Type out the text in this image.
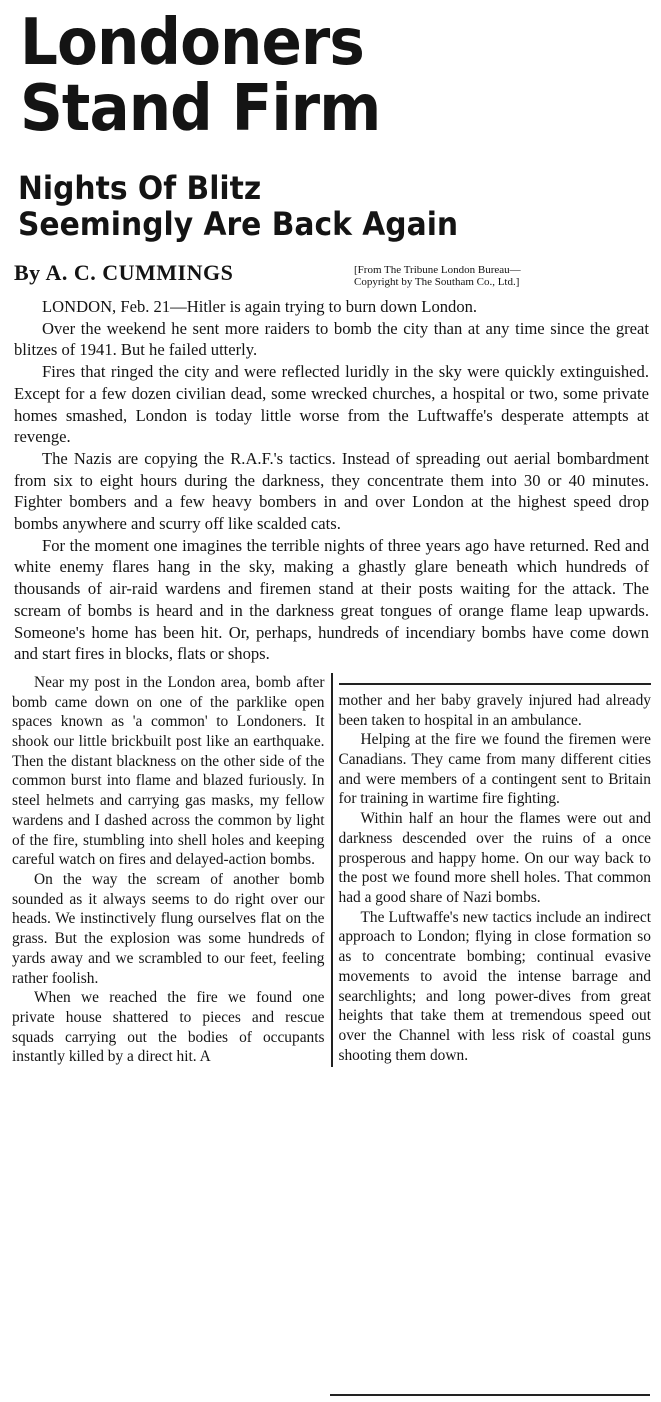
Londoners
Stand Firm
Nights Of Blitz
Seemingly Are Back Again
By A. C. CUMMINGS	[From The Tribune London Bureau—
Copyright by The Southam Co., Ltd.]

LONDON, Feb. 21—Hitler is again trying to burn down London.

Over the weekend he sent more raiders to bomb the city than at any time since the great blitzes of 1941. But he failed utterly.

Fires that ringed the city and were reflected luridly in the sky were quickly extinguished. Except for a few dozen civilian dead, some wrecked churches, a hospital or two, some private homes smashed, London is today little worse from the Luftwaffe's desperate attempts at revenge.

The Nazis are copying the R.A.F.'s tactics. Instead of spreading out aerial bombardment from six to eight hours during the darkness, they concentrate them into 30 or 40 minutes. Fighter bombers and a few heavy bombers in and over London at the highest speed drop bombs anywhere and scurry off like scalded cats.

For the moment one imagines the terrible nights of three years ago have returned. Red and white enemy flares hang in the sky, making a ghastly glare beneath which hundreds of thousands of air-raid wardens and firemen stand at their posts waiting for the attack. The scream of bombs is heard and in the darkness great tongues of orange flame leap upwards. Someone's home has been hit. Or, perhaps, hundreds of incendiary bombs have come down and start fires in blocks, flats or shops.

Near my post in the London area, bomb after bomb came down on one of the parklike open spaces known as 'a common' to Londoners. It shook our little brickbuilt post like an earthquake. Then the distant blackness on the other side of the common burst into flame and blazed furiously. In steel helmets and carrying gas masks, my fellow wardens and I dashed across the common by light of the fire, stumbling into shell holes and keeping careful watch on fires and delayed-action bombs.

On the way the scream of another bomb sounded as it always seems to do right over our heads. We instinctively flung ourselves flat on the grass. But the explosion was some hundreds of yards away and we scrambled to our feet, feeling rather foolish.

When we reached the fire we found one private house shattered to pieces and rescue squads carrying out the bodies of occupants instantly killed by a direct hit. A

mother and her baby gravely injured had already been taken to hospital in an ambulance.

Helping at the fire we found the firemen were Canadians. They came from many different cities and were members of a contingent sent to Britain for training in wartime fire fighting.

Within half an hour the flames were out and darkness descended over the ruins of a once prosperous and happy home. On our way back to the post we found more shell holes. That common had a good share of Nazi bombs.

The Luftwaffe's new tactics include an indirect approach to London; flying in close formation so as to concentrate bombing; continual evasive movements to avoid the intense barrage and searchlights; and long power-dives from great heights that take them at tremendous speed out over the Channel with less risk of coastal guns shooting them down.
